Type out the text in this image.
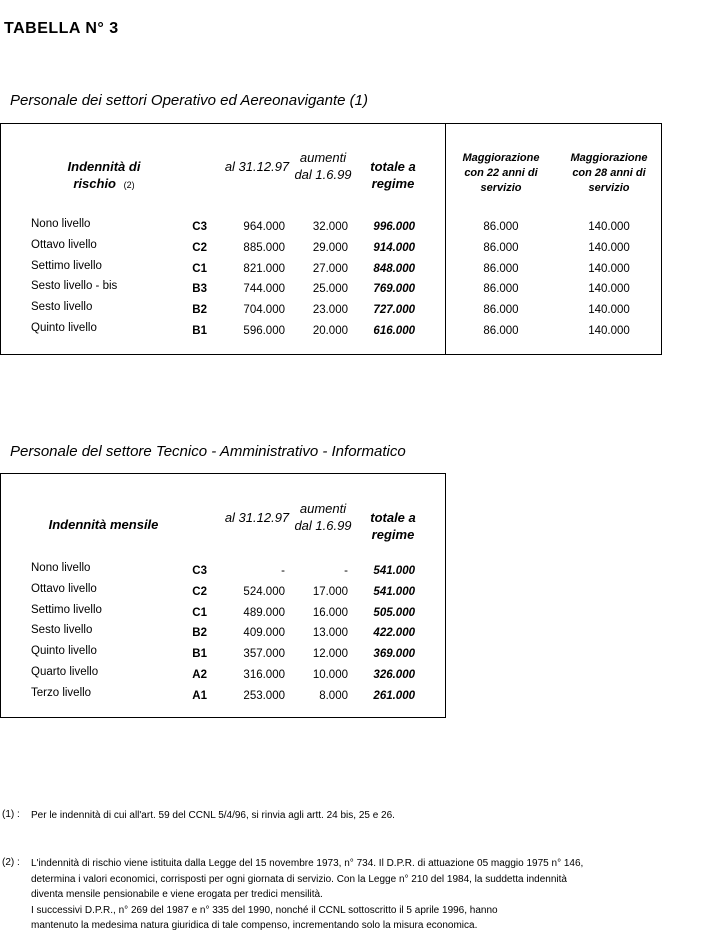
TABELLA N° 3
Personale dei settori Operativo ed Aereonavigante (1)
Indennità di rischio (2)
al 31.12.97
aumenti dal 1.6.99
totale a regime
Maggiorazione con 22 anni di servizio
Maggiorazione con 28 anni di servizio
Nono livello	C3	964.000	32.000	996.000	86.000	140.000
Ottavo livello	C2	885.000	29.000	914.000	86.000	140.000
Settimo livello	C1	821.000	27.000	848.000	86.000	140.000
Sesto livello - bis	B3	744.000	25.000	769.000	86.000	140.000
Sesto livello	B2	704.000	23.000	727.000	86.000	140.000
Quinto livello	B1	596.000	20.000	616.000	86.000	140.000
Personale del settore Tecnico - Amministrativo - Informatico
Indennità mensile	al 31.12.97
aumenti dal 1.6.99
totale a regime
Nono livello	C3	-	-	541.000
Ottavo livello	C2	524.000	17.000	541.000
Settimo livello	C1	489.000	16.000	505.000
Sesto livello	B2	409.000	13.000	422.000
Quinto livello	B1	357.000	12.000	369.000
Quarto livello	A2	316.000	10.000	326.000
Terzo livello	A1	253.000	8.000	261.000
(1) : Per le indennità di cui all'art. 59 del CCNL 5/4/96, si rinvia agli artt. 24 bis, 25 e 26.
(2) : L'indennità di rischio viene istituita dalla Legge del 15 novembre 1973, n° 734. Il D.P.R. di attuazione 05 maggio 1975 n° 146,
determina i valori economici, corrisposti per ogni giornata di servizio. Con la Legge n° 210 del 1984, la suddetta indennità
diventa mensile pensionabile e viene erogata per tredici mensilità.
I successivi D.P.R., n° 269 del 1987 e n° 335 del 1990, nonché il CCNL sottoscritto il 5 aprile 1996, hanno
mantenuto la medesima natura giuridica di tale compenso, incrementando solo la misura economica.
